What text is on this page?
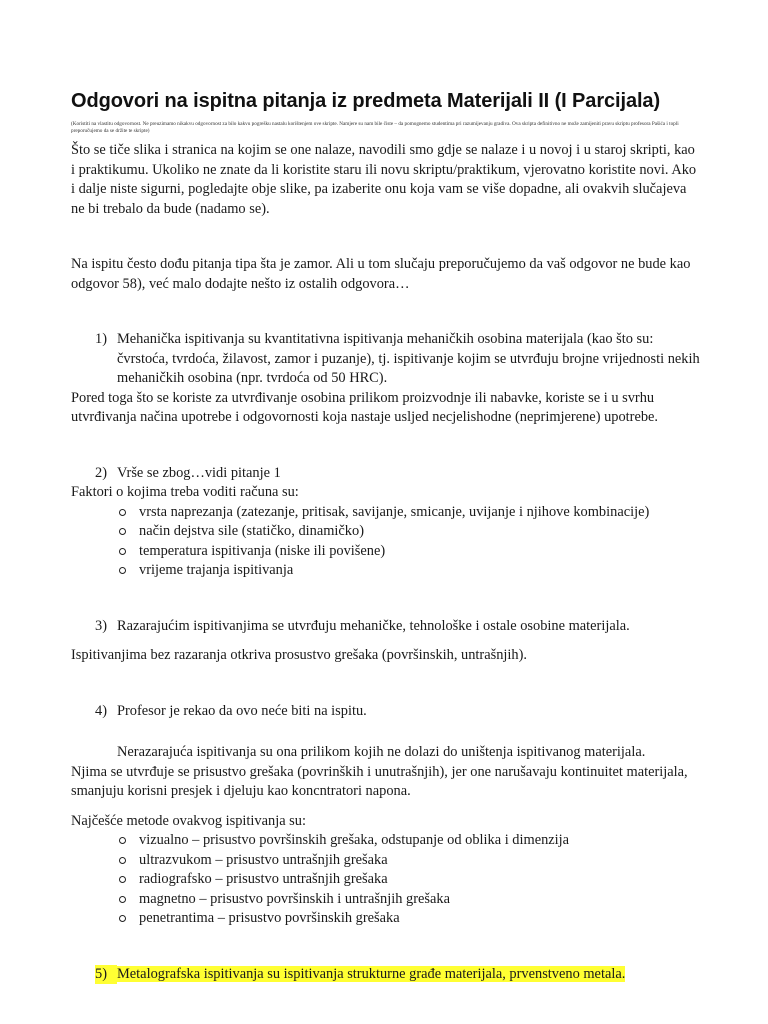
Odgovori na ispitna pitanja iz predmeta Materijali II (I Parcijala)
(Koristiti na vlastitu odgovornost. Ne preuzimamo nikakvu odgovornost za bilo kakvu pogrešku nastalu korištenjem ove skripte. Namjere su nam bile čiste – da pomognemo studentima pri razumijevanju gradiva. Ova skripta definitivno ne može zamijeniti pravu skriptu profesora Pašića i topli preporučujemo da se držite te skripte)

Što se tiče slika i stranica na kojim se one nalaze, navodili smo gdje se nalaze i u novoj i u staroj skripti, kao i praktikumu. Ukoliko ne znate da li koristite staru ili novu skriptu/praktikum, vjerovatno koristite novi. Ako i dalje niste sigurni, pogledajte obje slike, pa izaberite onu koja vam se više dopadne, ali ovakvih slučajeva ne bi trebalo da bude (nadamo se).

Na ispitu često dođu pitanja tipa šta je zamor. Ali u tom slučaju preporučujemo da vaš odgovor ne bude kao odgovor 58), već malo dodajte nešto iz ostalih odgovora…

1) Mehanička ispitivanja su kvantitativna ispitivanja mehaničkih osobina materijala (kao što su: čvrstoća, tvrdoća, žilavost, zamor i puzanje), tj. ispitivanje kojim se utvrđuju brojne vrijednosti nekih mehaničkih osobina (npr. tvrdoća od 50 HRC).

Pored toga što se koriste za utvrđivanje osobina prilikom proizvodnje ili nabavke, koriste se i u svrhu utvrđivanja načina upotrebe i odgovornosti koja nastaje usljed necjelishodne (neprimjerene) upotrebe.

2) Vrše se zbog…vidi pitanje 1

Faktori o kojima treba voditi računa su:

vrsta naprezanja (zatezanje, pritisak, savijanje, smicanje, uvijanje i njihove kombinacije)
način dejstva sile (statičko, dinamičko)
temperatura ispitivanja (niske ili povišene)
vrijeme trajanja ispitivanja
3) Razarajućim ispitivanjima se utvrđuju mehaničke, tehnološke i ostale osobine materijala.

Ispitivanjima bez razaranja otkriva prosustvo grešaka (površinskih, untrašnjih).

4) Profesor je rekao da ovo neće biti na ispitu.

Nerazarajuća ispitivanja su ona prilikom kojih ne dolazi do uništenja ispitivanog materijala.

Njima se utvrđuje se prisustvo grešaka (povrinških i unutrašnjih), jer one narušavaju kontinuitet materijala, smanjuju korisni presjek i djeluju kao koncntratori napona.

Najčešće metode ovakvog ispitivanja su:

vizualno – prisustvo površinskih grešaka, odstupanje od oblika i dimenzija
ultrazvukom – prisustvo untrašnjih grešaka
radiografsko – prisustvo untrašnjih grešaka
magnetno – prisustvo površinskih i untrašnjih grešaka
penetrantima – prisustvo površinskih grešaka
5) Metalografska ispitivanja su ispitivanja strukturne građe materijala, prvenstveno metala.
